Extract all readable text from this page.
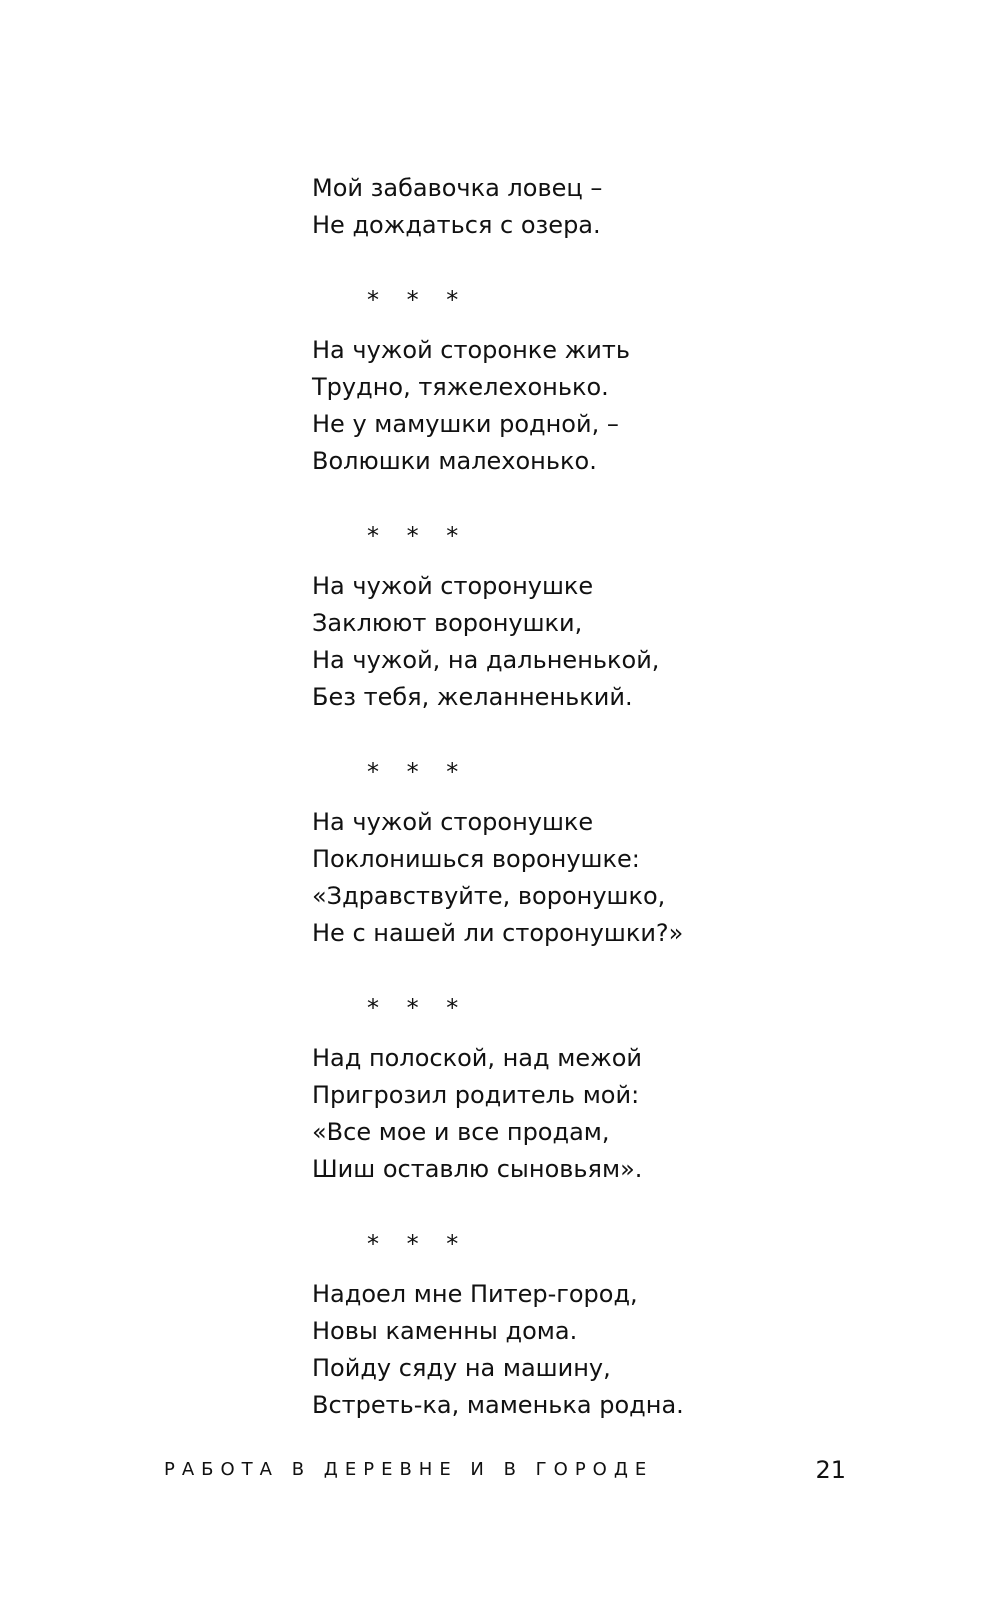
Мой забавочка ловец –
Не дождаться с озера.
* * *
На чужой сторонке жить
Трудно, тяжелехонько.
Не у мамушки родной, –
Волюшки малехонько.
* * *
На чужой сторонушке
Заклюют воронушки,
На чужой, на дальненькой,
Без тебя, желанненький.
* * *
На чужой сторонушке
Поклонишься воронушке:
«Здравствуйте, воронушко,
Не с нашей ли сторонушки?»
* * *
Над полоской, над межой
Пригрозил родитель мой:
«Все мое и все продам,
Шиш оставлю сыновьям».
* * *
Надоел мне Питер-город,
Новы каменны дома.
Пойду сяду на машину,
Встреть-ка, маменька родна.
РАБОТА В ДЕРЕВНЕ И В ГОРОДЕ	21
